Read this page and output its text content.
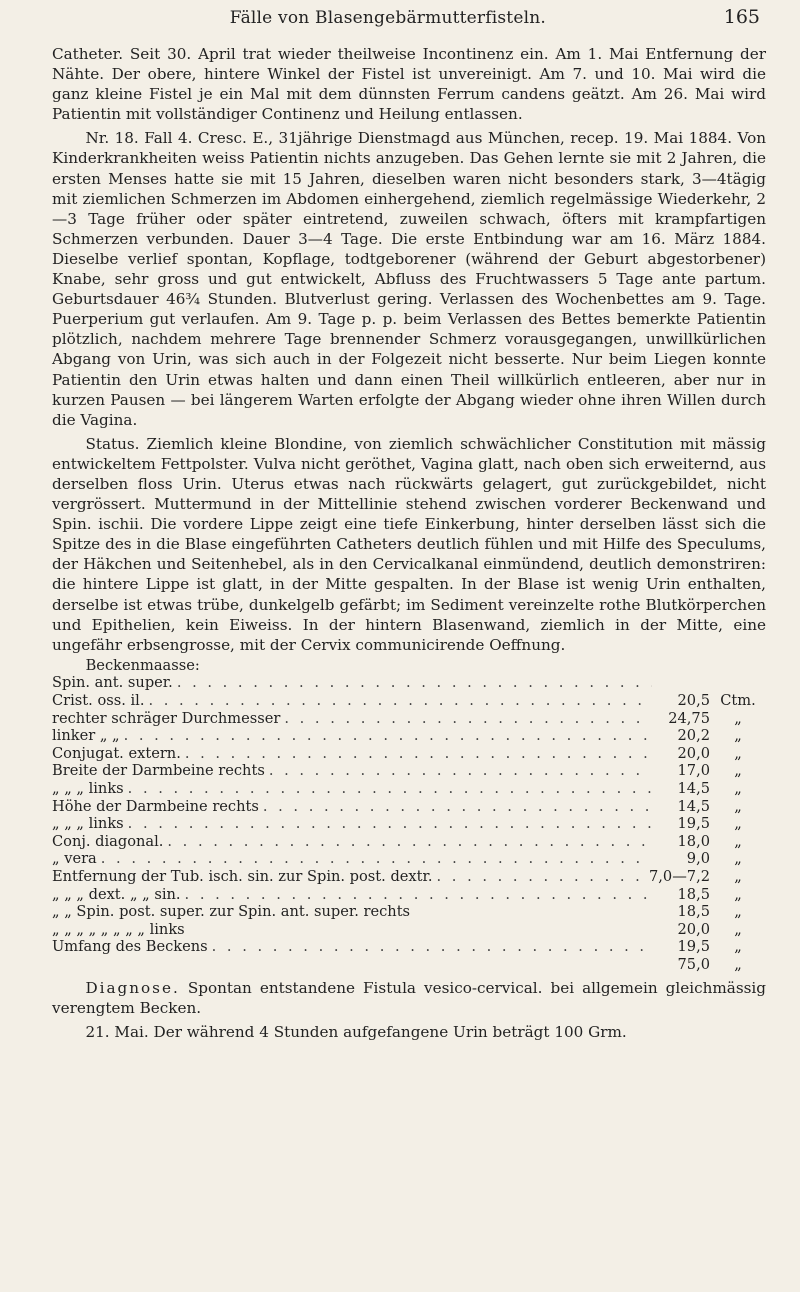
Fälle von Blasengebärmutterfisteln.	165

Catheter. Seit 30. April trat wieder theilweise Incontinenz ein. Am 1. Mai Entfernung der Nähte. Der obere, hintere Winkel der Fistel ist unvereinigt. Am 7. und 10. Mai wird die ganz kleine Fistel je ein Mal mit dem dünnsten Ferrum candens geätzt. Am 26. Mai wird Patientin mit vollständiger Continenz und Heilung entlassen.

Nr. 18. Fall 4. Cresc. E., 31jährige Dienstmagd aus München, recep. 19. Mai 1884. Von Kinderkrankheiten weiss Patientin nichts anzugeben. Das Gehen lernte sie mit 2 Jahren, die ersten Menses hatte sie mit 15 Jahren, dieselben waren nicht besonders stark, 3—4tägig mit ziemlichen Schmerzen im Abdomen einhergehend, ziemlich regelmässige Wiederkehr, 2—3 Tage früher oder später eintretend, zuweilen schwach, öfters mit krampfartigen Schmerzen verbunden. Dauer 3—4 Tage. Die erste Entbindung war am 16. März 1884. Dieselbe verlief spontan, Kopflage, todtgeborener (während der Geburt abgestorbener) Knabe, sehr gross und gut entwickelt, Abfluss des Fruchtwassers 5 Tage ante partum. Geburtsdauer 46¾ Stunden. Blutverlust gering. Verlassen des Wochenbettes am 9. Tage. Puerperium gut verlaufen. Am 9. Tage p. p. beim Verlassen des Bettes bemerkte Patientin plötzlich, nachdem mehrere Tage brennender Schmerz vorausgegangen, unwillkürlichen Abgang von Urin, was sich auch in der Folgezeit nicht besserte. Nur beim Liegen konnte Patientin den Urin etwas halten und dann einen Theil willkürlich entleeren, aber nur in kurzen Pausen — bei längerem Warten erfolgte der Abgang wieder ohne ihren Willen durch die Vagina.

Status. Ziemlich kleine Blondine, von ziemlich schwächlicher Constitution mit mässig entwickeltem Fettpolster. Vulva nicht geröthet, Vagina glatt, nach oben sich erweiternd, aus derselben floss Urin. Uterus etwas nach rückwärts gelagert, gut zurückgebildet, nicht vergrössert. Muttermund in der Mittellinie stehend zwischen vorderer Beckenwand und Spin. ischii. Die vordere Lippe zeigt eine tiefe Einkerbung, hinter derselben lässt sich die Spitze des in die Blase eingeführten Catheters deutlich fühlen und mit Hilfe des Speculums, der Häkchen und Seitenhebel, als in den Cervicalkanal einmündend, deutlich demonstriren: die hintere Lippe ist glatt, in der Mitte gespalten. In der Blase ist wenig Urin enthalten, derselbe ist etwas trübe, dunkelgelb gefärbt; im Sediment vereinzelte rothe Blutkörperchen und Epithelien, kein Eiweiss. In der hintern Blasenwand, ziemlich in der Mitte, eine ungefähr erbsengrosse, mit der Cervix communicirende Oeffnung.

Beckenmaasse:
Spin. ant. super.
. . .
Crist. oss. il. . . .	20,5 Ctm.
rechter schräger Durchmesser . . .	24,75	„
linker „ „ . . .	20,2	„
Conjugat. extern. . . .	20,0	„
Breite der Darmbeine rechts . . .	17,0	„
„ „ „ links . . .	14,5	„
Höhe der Darmbeine rechts . . .	14,5	„
„ „ „ links . . .	19,5	„
Conj. diagonal. . . .	18,0	„
„ vera . . .	9,0	„
Entfernung der Tub. isch. sin. zur Spin. post. dextr. . . .	7,0—7,2	„
„ „ „ dext. „ „ sin. . . .	18,5	„
„ „ Spin. post. super. zur Spin. ant. super. rechts	18,5	„
„ „ „ „ „ „ „ „ links	20,0	„
Umfang des Beckens . . .	19,5	„
75,0	„

Diagnose. Spontan entstandene Fistula vesico-cervical. bei allgemein gleichmässig verengtem Becken.

21. Mai. Der während 4 Stunden aufgefangene Urin beträgt 100 Grm.
